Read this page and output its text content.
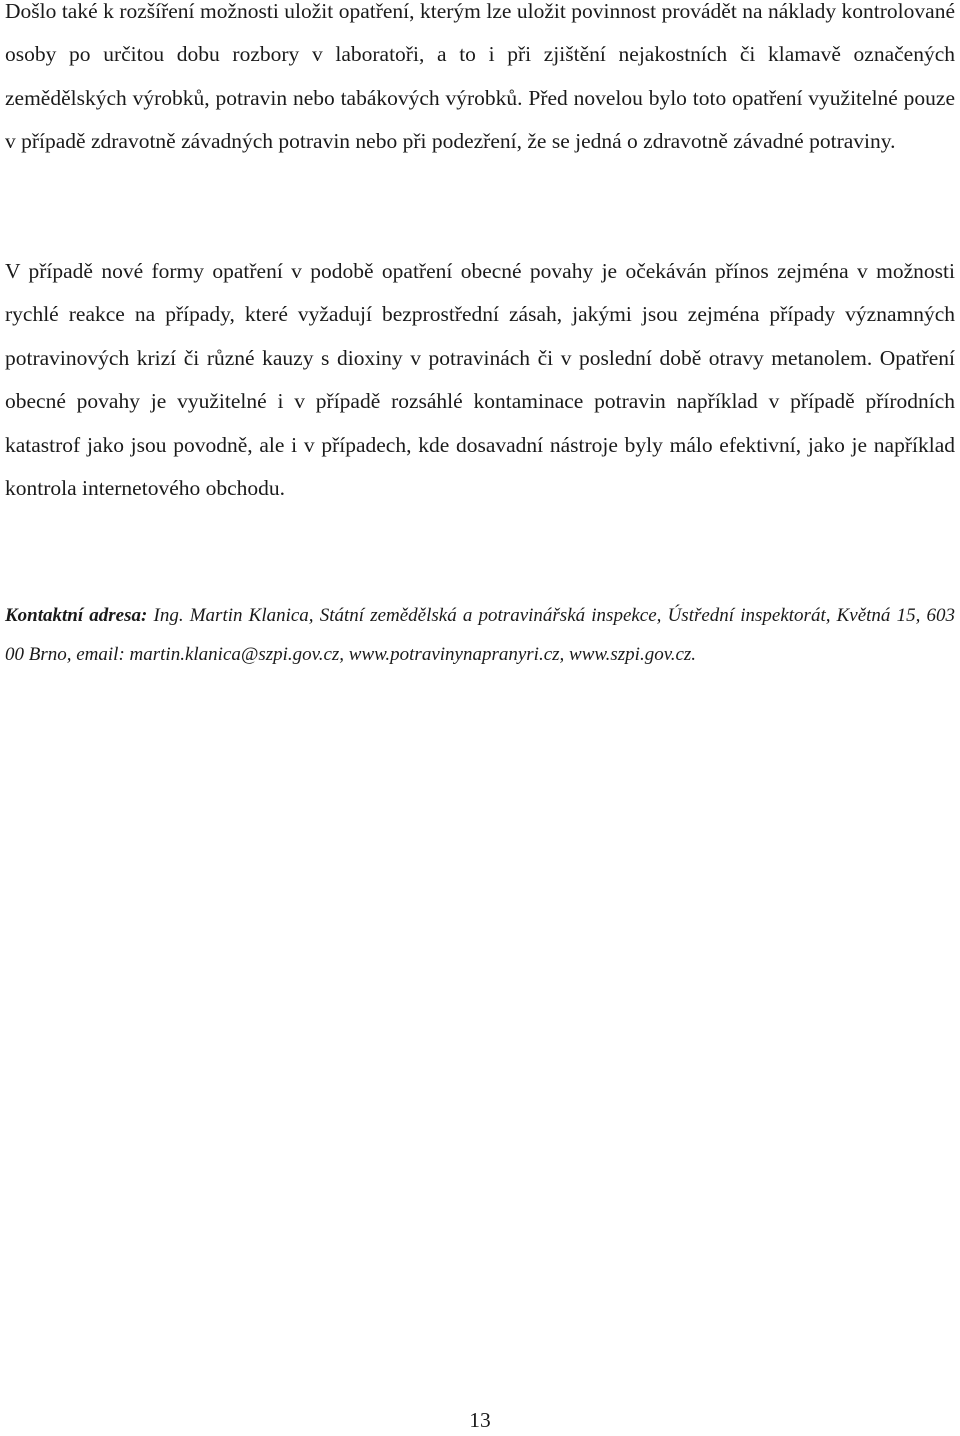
Došlo také k rozšíření možnosti uložit opatření, kterým lze uložit povinnost provádět na náklady kontrolované osoby po určitou dobu rozbory v laboratoři, a to i při zjištění nejakostních či klamavě označených zemědělských výrobků, potravin nebo tabákových výrobků. Před novelou bylo toto opatření využitelné pouze v případě zdravotně závadných potravin nebo při podezření, že se jedná o zdravotně závadné potraviny.

V případě nové formy opatření v podobě opatření obecné povahy je očekáván přínos zejména v možnosti rychlé reakce na případy, které vyžadují bezprostřední zásah, jakými jsou zejména případy významných potravinových krizí či různé kauzy s dioxiny v potravinách či v poslední době otravy metanolem. Opatření obecné povahy je využitelné i v případě rozsáhlé kontaminace potravin například v případě přírodních katastrof jako jsou povodně, ale i v případech, kde dosavadní nástroje byly málo efektivní, jako je například kontrola internetového obchodu.

Kontaktní adresa: Ing. Martin Klanica, Státní zemědělská a potravinářská inspekce, Ústřední inspektorát, Květná 15, 603 00 Brno, email: martin.klanica@szpi.gov.cz, www.potravinynapranyri.cz, www.szpi.gov.cz.

13
